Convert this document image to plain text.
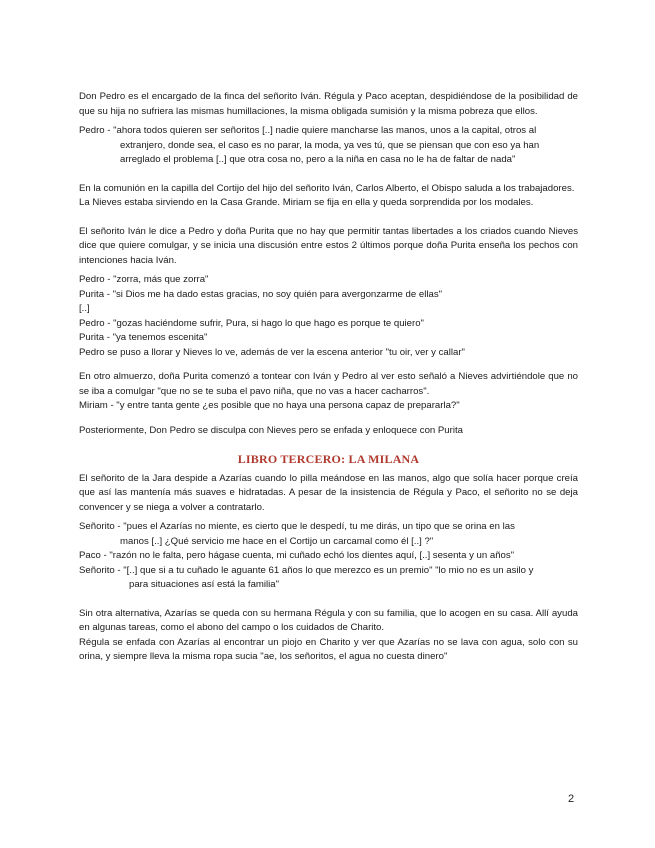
Don Pedro es el encargado de la finca del señorito Iván. Régula y Paco aceptan, despidiéndose de la posibilidad de que su hija no sufriera las mismas humillaciones, la misma obligada sumisión y la misma pobreza que ellos.

Pedro - "ahora todos quieren ser señoritos [..] nadie quiere mancharse las manos, unos a la capital, otros al

extranjero, donde sea, el caso es no parar, la moda, ya ves tú, que se piensan que con eso ya han

arreglado el problema [..] que otra cosa no, pero a la niña en casa no le ha de faltar de nada"

En la comunión en la capilla del Cortijo del hijo del señorito Iván, Carlos Alberto, el Obispo saluda a los trabajadores.

La Nieves estaba sirviendo en la Casa Grande. Miriam se fija en ella y queda sorprendida por los modales.

El señorito Iván le dice a Pedro y doña Purita que no hay que permitir tantas libertades a los criados cuando Nieves dice que quiere comulgar, y se inicia una discusión entre estos 2 últimos porque doña Purita enseña los pechos con intenciones hacia Iván.

Pedro - "zorra, más que zorra"

Purita - "si Dios me ha dado estas gracias, no soy quién para avergonzarme de ellas"

[..]

Pedro - "gozas haciéndome sufrir, Pura, si hago lo que hago es porque te quiero"

Purita - "ya tenemos escenita"

Pedro se puso a llorar y Nieves lo ve, además de ver la escena anterior "tu oir, ver y callar"

En otro almuerzo, doña Purita comenzó a tontear con Iván y Pedro al ver esto señaló a Nieves advirtiéndole que no se iba a comulgar "que no se te suba el pavo niña, que no vas a hacer cacharros".

Miriam - "y entre tanta gente ¿es posible que no haya una persona capaz de prepararla?"

Posteriormente, Don Pedro se disculpa con Nieves pero se enfada y enloquece con Purita

LIBRO TERCERO: LA MILANA

El señorito de la Jara despide a Azarías cuando lo pilla meándose en las manos, algo que solía hacer porque creía que así las mantenía más suaves e hidratadas. A pesar de la insistencia de Régula y Paco, el señorito no se deja convencer y se niega a volver a contratarlo.

Señorito - "pues el Azarías no miente, es cierto que le despedí, tu me dirás, un tipo que se orina en las

manos [..] ¿Qué servicio me hace en el Cortijo un carcamal como él [..] ?"

Paco - "razón no le falta, pero hágase cuenta, mi cuñado echó los dientes aquí, [..] sesenta y un años"

Señorito - "[..] que si a tu cuñado le aguante 61 años lo que merezco es un premio" "lo mio no es un asilo y

para situaciones así está la familia"

Sin otra alternativa, Azarías se queda con su hermana Régula y con su familia, que lo acogen en su casa. Allí ayuda en algunas tareas, como el abono del campo o los cuidados de Charito.

Régula se enfada con Azarías al encontrar un piojo en Charito y ver que Azarías no se lava con agua, solo con su orina, y siempre lleva la misma ropa sucia "ae, los señoritos, el agua no cuesta dinero"

2
